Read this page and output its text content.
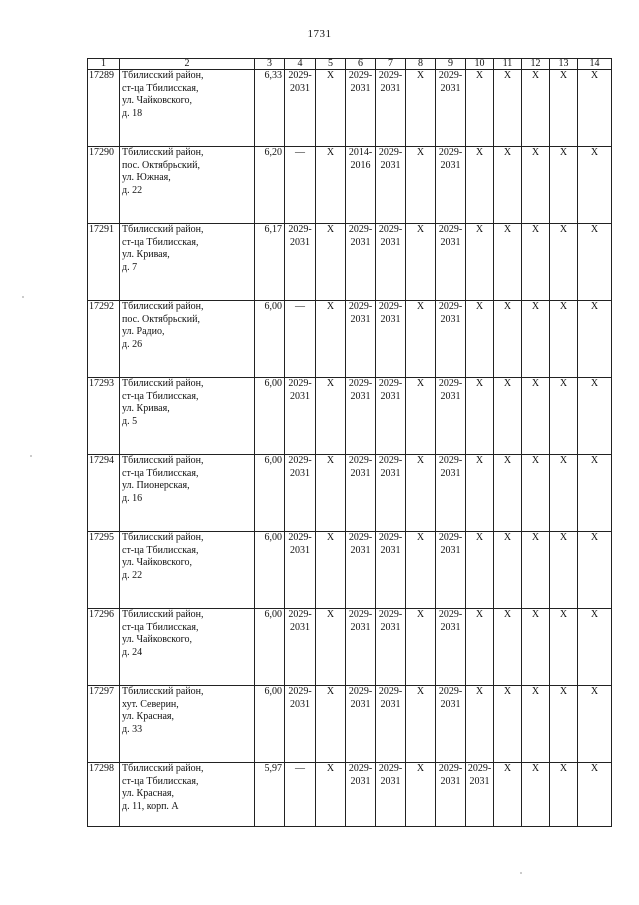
1731
1	2	3	4	5	6	7	8	9	10	11	12	13	14
17289	Тбилисский район,
ст-ца Тбилисская,
ул. Чайковского,
д. 18	6,33	2029-
2031	X	2029-
2031	2029-
2031	X	2029-
2031	X	X	X	X	X

17290	Тбилисский район,
пос. Октябрьский,
ул. Южная,
д. 22	6,20	—	X	2014-
2016	2029-
2031	X	2029-
2031	X	X	X	X	X

17291	Тбилисский район,
ст-ца Тбилисская,
ул. Кривая,
д. 7	6,17	2029-
2031	X	2029-
2031	2029-
2031	X	2029-
2031	X	X	X	X	X

17292	Тбилисский район,
пос. Октябрьский,
ул. Радио,
д. 26	6,00	—	X	2029-
2031	2029-
2031	X	2029-
2031	X	X	X	X	X

17293	Тбилисский район,
ст-ца Тбилисская,
ул. Кривая,
д. 5	6,00	2029-
2031	X	2029-
2031	2029-
2031	X	2029-
2031	X	X	X	X	X

17294	Тбилисский район,
ст-ца Тбилисская,
ул. Пионерская,
д. 16	6,00	2029-
2031	X	2029-
2031	2029-
2031	X	2029-
2031	X	X	X	X	X

17295	Тбилисский район,
ст-ца Тбилисская,
ул. Чайковского,
д. 22	6,00	2029-
2031	X	2029-
2031	2029-
2031	X	2029-
2031	X	X	X	X	X

17296	Тбилисский район,
ст-ца Тбилисская,
ул. Чайковского,
д. 24	6,00	2029-
2031	X	2029-
2031	2029-
2031	X	2029-
2031	X	X	X	X	X

17297	Тбилисский район,
хут. Северин,
ул. Красная,
д. 33	6,00	2029-
2031	X	2029-
2031	2029-
2031	X	2029-
2031	X	X	X	X	X

17298	Тбилисский район,
ст-ца Тбилисская,
ул. Красная,
д. 11, корп. А	5,97	—	X	2029-
2031	2029-
2031	X	2029-
2031	2029-
2031	X	X	X	X
